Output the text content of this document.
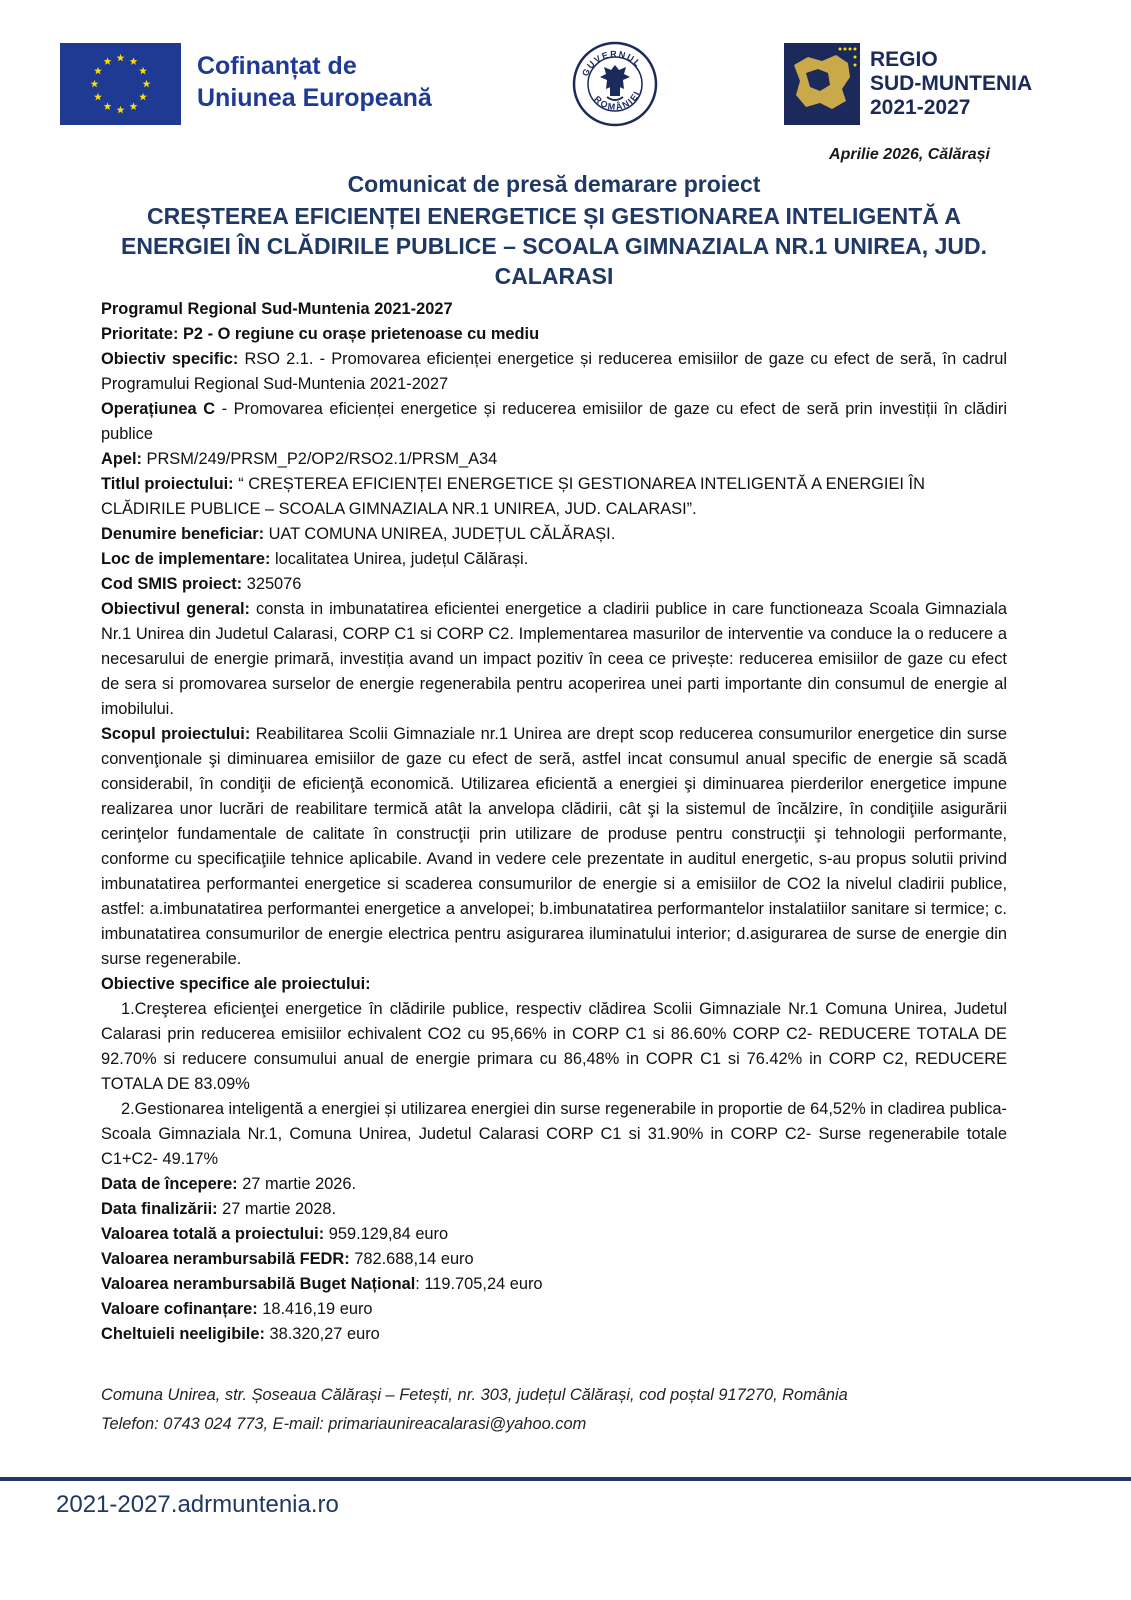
Cofinanțat de
Uniunea Europeană
GUVERNUL
ROMÂNIEI
REGIO
SUD-MUNTENIA
2021-2027
Aprilie 2026, Călărași
Comunicat de presă demarare proiect
CREȘTEREA EFICIENȚEI ENERGETICE ȘI GESTIONAREA INTELIGENTĂ A ENERGIEI ÎN CLĂDIRILE PUBLICE – SCOALA GIMNAZIALA NR.1 UNIREA, JUD. CALARASI

Programul Regional Sud-Muntenia 2021-2027

Prioritate: P2 - O regiune cu orașe prietenoase cu mediu

Obiectiv specific: RSO 2.1. - Promovarea eficienței energetice și reducerea emisiilor de gaze cu efect de seră, în cadrul Programului Regional Sud-Muntenia 2021-2027

Operațiunea C - Promovarea eficienței energetice și reducerea emisiilor de gaze cu efect de seră prin investiții în clădiri publice

Apel: PRSM/249/PRSM_P2/OP2/RSO2.1/PRSM_A34

Titlul proiectului: “ CREȘTEREA EFICIENȚEI ENERGETICE ȘI GESTIONAREA INTELIGENTĂ A ENERGIEI ÎN CLĂDIRILE PUBLICE – SCOALA GIMNAZIALA NR.1 UNIREA, JUD. CALARASI”.

Denumire beneficiar: UAT COMUNA UNIREA, JUDEȚUL CĂLĂRAȘI.

Loc de implementare: localitatea Unirea, județul Călărași.

Cod SMIS proiect: 325076

Obiectivul general: consta in imbunatatirea eficientei energetice a cladirii publice in care functioneaza Scoala Gimnaziala Nr.1 Unirea din Judetul Calarasi, CORP C1 si CORP C2. Implementarea masurilor de interventie va conduce la o reducere a necesarului de energie primară, investiția avand un impact pozitiv în ceea ce privește: reducerea emisiilor de gaze cu efect de sera si promovarea surselor de energie regenerabila pentru acoperirea unei parti importante din consumul de energie al imobilului.

Scopul proiectului: Reabilitarea Scolii Gimnaziale nr.1 Unirea are drept scop reducerea consumurilor energetice din surse convenţionale şi diminuarea emisiilor de gaze cu efect de seră, astfel incat consumul anual specific de energie să scadă considerabil, în condiţii de eficienţă economică. Utilizarea eficientă a energiei şi diminuarea pierderilor energetice impune realizarea unor lucrări de reabilitare termică atât la anvelopa clădirii, cât şi la sistemul de încălzire, în condiţiile asigurării cerinţelor fundamentale de calitate în construcţii prin utilizare de produse pentru construcţii şi tehnologii performante, conforme cu specificaţiile tehnice aplicabile. Avand in vedere cele prezentate in auditul energetic, s-au propus solutii privind imbunatatirea performantei energetice si scaderea consumurilor de energie si a emisiilor de CO2 la nivelul cladirii publice, astfel: a.imbunatatirea performantei energetice a anvelopei; b.imbunatatirea performantelor instalatiilor sanitare si termice; c. imbunatatirea consumurilor de energie electrica pentru asigurarea iluminatului interior; d.asigurarea de surse de energie din surse regenerabile.

Obiective specifice ale proiectului:

1.Creşterea eficienţei energetice în clădirile publice, respectiv clădirea Scolii Gimnaziale Nr.1 Comuna Unirea, Judetul Calarasi prin reducerea emisiilor echivalent CO2 cu 95,66% in CORP C1 si 86.60% CORP C2- REDUCERE TOTALA DE 92.70% si reducere consumului anual de energie primara cu 86,48% in COPR C1 si 76.42% in CORP C2, REDUCERE TOTALA DE 83.09%

2.Gestionarea inteligentă a energiei și utilizarea energiei din surse regenerabile in proportie de 64,52% in cladirea publica- Scoala Gimnaziala Nr.1, Comuna Unirea, Judetul Calarasi CORP C1 si 31.90% in CORP C2- Surse regenerabile totale C1+C2- 49.17%

Data de începere: 27 martie 2026.

Data finalizării: 27 martie 2028.

Valoarea totală a proiectului: 959.129,84 euro

Valoarea nerambursabilă FEDR: 782.688,14 euro

Valoarea nerambursabilă Buget Național: 119.705,24 euro

Valoare cofinanțare: 18.416,19 euro

Cheltuieli neeligibile: 38.320,27 euro

Comuna Unirea, str. Șoseaua Călărași – Fetești, nr. 303, județul Călărași, cod poștal 917270, România
Telefon: 0743 024 773, E-mail: primariaunireacalarasi@yahoo.com
2021-2027.adrmuntenia.ro
